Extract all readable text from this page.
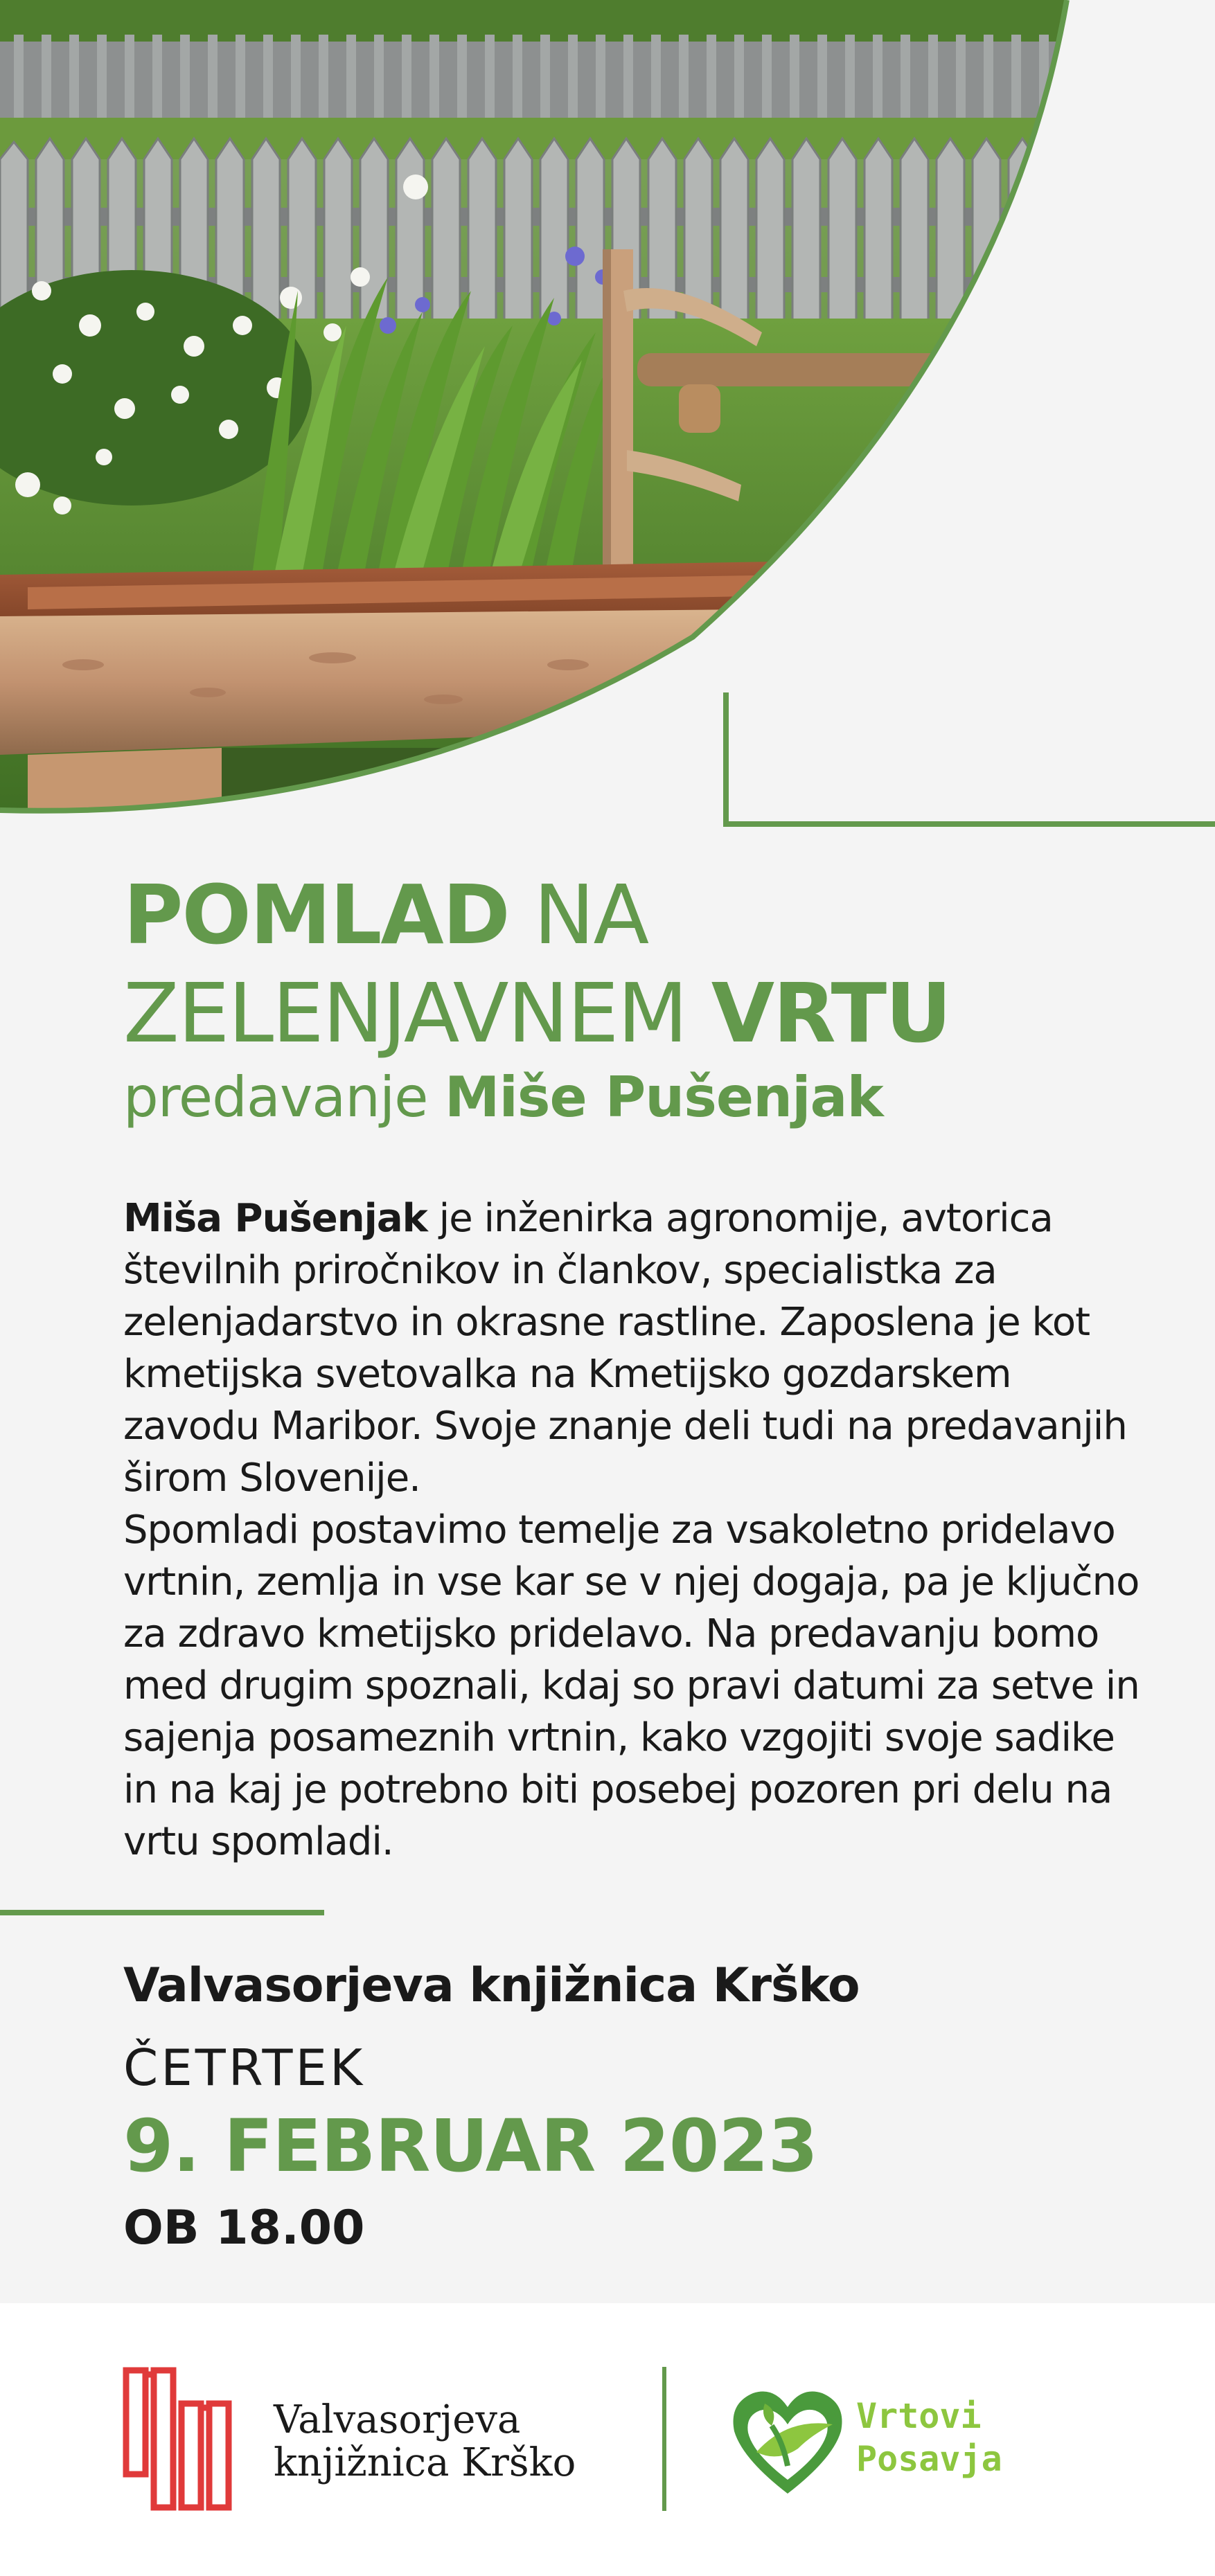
POMLAD NA
ZELENJAVNEM VRTU

predavanje Miše Pušenjak

Miša Pušenjak je inženirka agronomije, avtorica številnih priročnikov in člankov, specialistka za zelenjadarstvo in okrasne rastline. Zaposlena je kot kmetijska svetovalka na Kmetijsko gozdarskem zavodu Maribor. Svoje znanje deli tudi na predavanjih širom Slovenije.

Spomladi postavimo temelje za vsakoletno pridelavo vrtnin, zemlja in vse kar se v njej dogaja, pa je ključno za zdravo kmetijsko pridelavo. Na predavanju bomo med drugim spoznali, kdaj so pravi datumi za setve in sajenja posameznih vrtnin, kako vzgojiti svoje sadike in na kaj je potrebno biti posebej pozoren pri delu na vrtu spomladi.

Valvasorjeva knjižnica Krško

ČETRTEK

9. FEBRUAR 2023

OB 18.00

Valvasorjeva
knjižnica Krško

Vrtovi
Posavja
